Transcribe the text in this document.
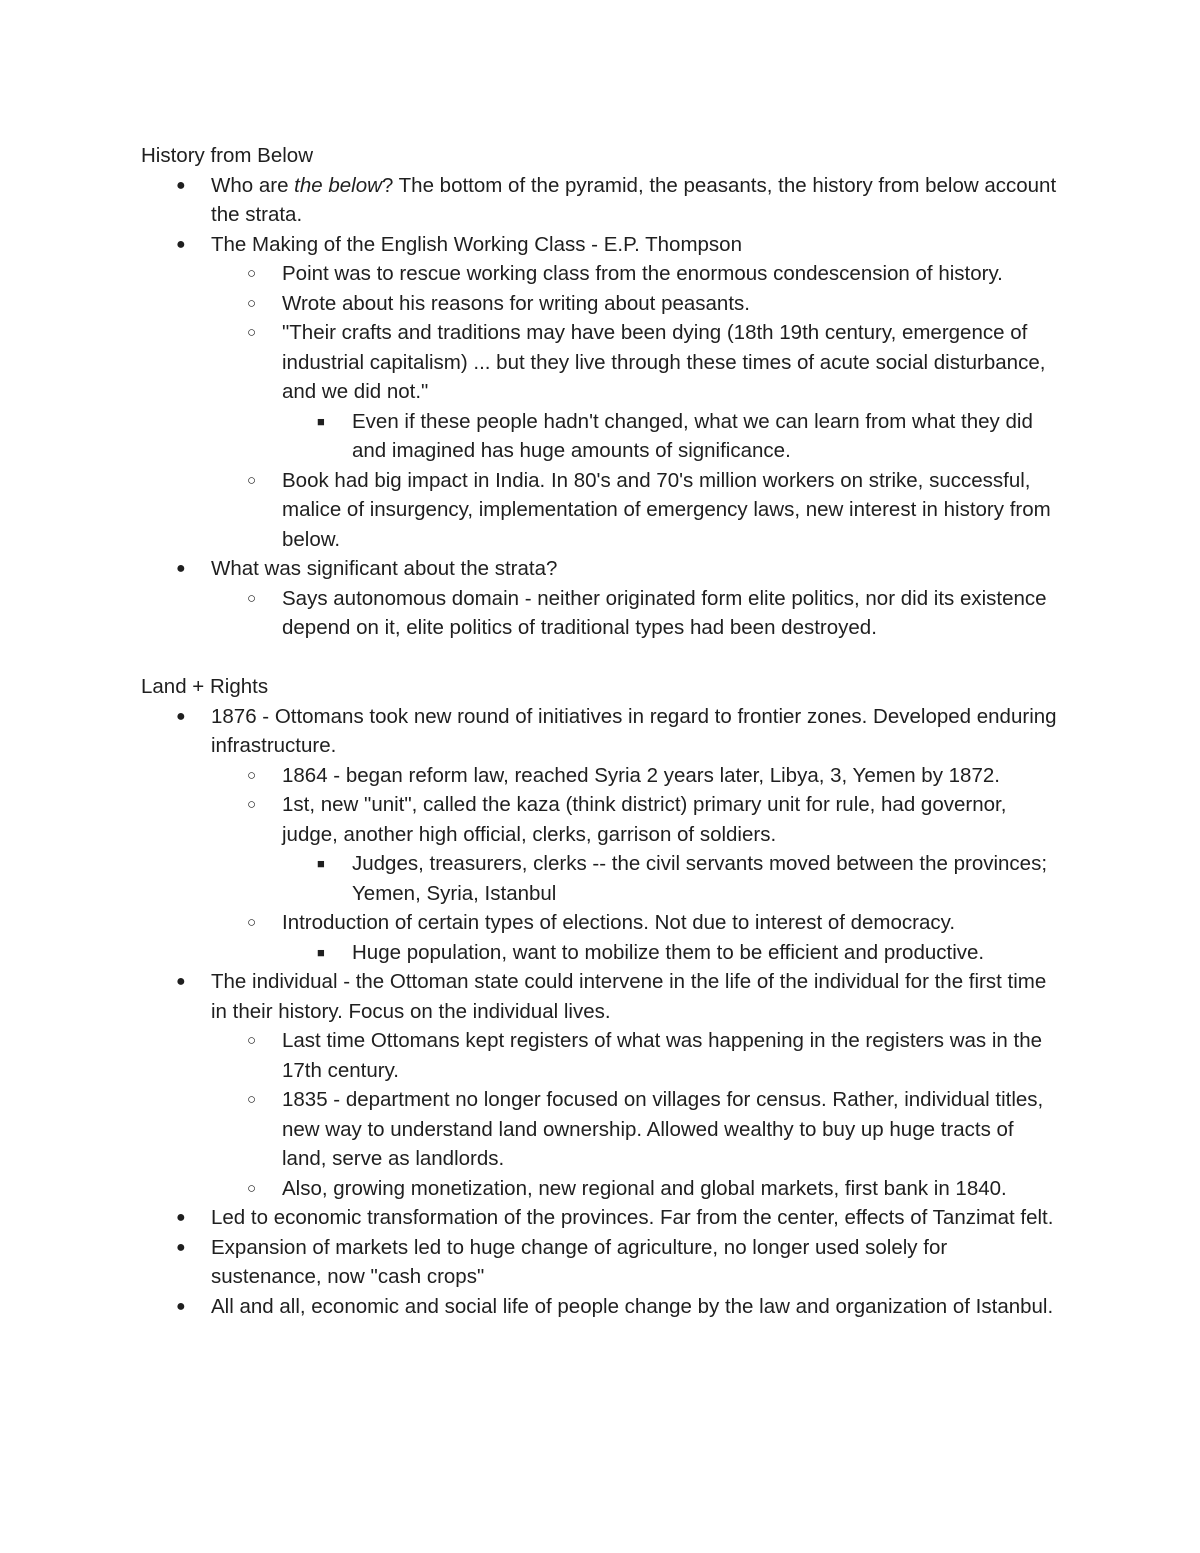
History from Below
● Who are the below? The bottom of the pyramid, the peasants, the history from below account the strata.
● The Making of the English Working Class - E.P. Thompson
○ Point was to rescue working class from the enormous condescension of history.
○ Wrote about his reasons for writing about peasants.
○ "Their crafts and traditions may have been dying (18th 19th century, emergence of industrial capitalism) ... but they live through these times of acute social disturbance, and we did not."
■ Even if these people hadn't changed, what we can learn from what they did and imagined has huge amounts of significance.
○ Book had big impact in India. In 80's and 70's million workers on strike, successful, malice of insurgency, implementation of emergency laws, new interest in history from below.
● What was significant about the strata?
○ Says autonomous domain - neither originated form elite politics, nor did its existence depend on it, elite politics of traditional types had been destroyed.
Land + Rights
● 1876 - Ottomans took new round of initiatives in regard to frontier zones. Developed enduring infrastructure.
○ 1864 - began reform law, reached Syria 2 years later, Libya, 3, Yemen by 1872.
○ 1st, new "unit", called the kaza (think district) primary unit for rule, had governor, judge, another high official, clerks, garrison of soldiers.
■ Judges, treasurers, clerks -- the civil servants moved between the provinces; Yemen, Syria, Istanbul
○ Introduction of certain types of elections. Not due to interest of democracy.
■ Huge population, want to mobilize them to be efficient and productive.
● The individual - the Ottoman state could intervene in the life of the individual for the first time in their history. Focus on the individual lives.
○ Last time Ottomans kept registers of what was happening in the registers was in the 17th century.
○ 1835 - department no longer focused on villages for census. Rather, individual titles, new way to understand land ownership. Allowed wealthy to buy up huge tracts of land, serve as landlords.
○ Also, growing monetization, new regional and global markets, first bank in 1840.
● Led to economic transformation of the provinces. Far from the center, effects of Tanzimat felt.
● Expansion of markets led to huge change of agriculture, no longer used solely for sustenance, now "cash crops"
● All and all, economic and social life of people change by the law and organization of Istanbul.
